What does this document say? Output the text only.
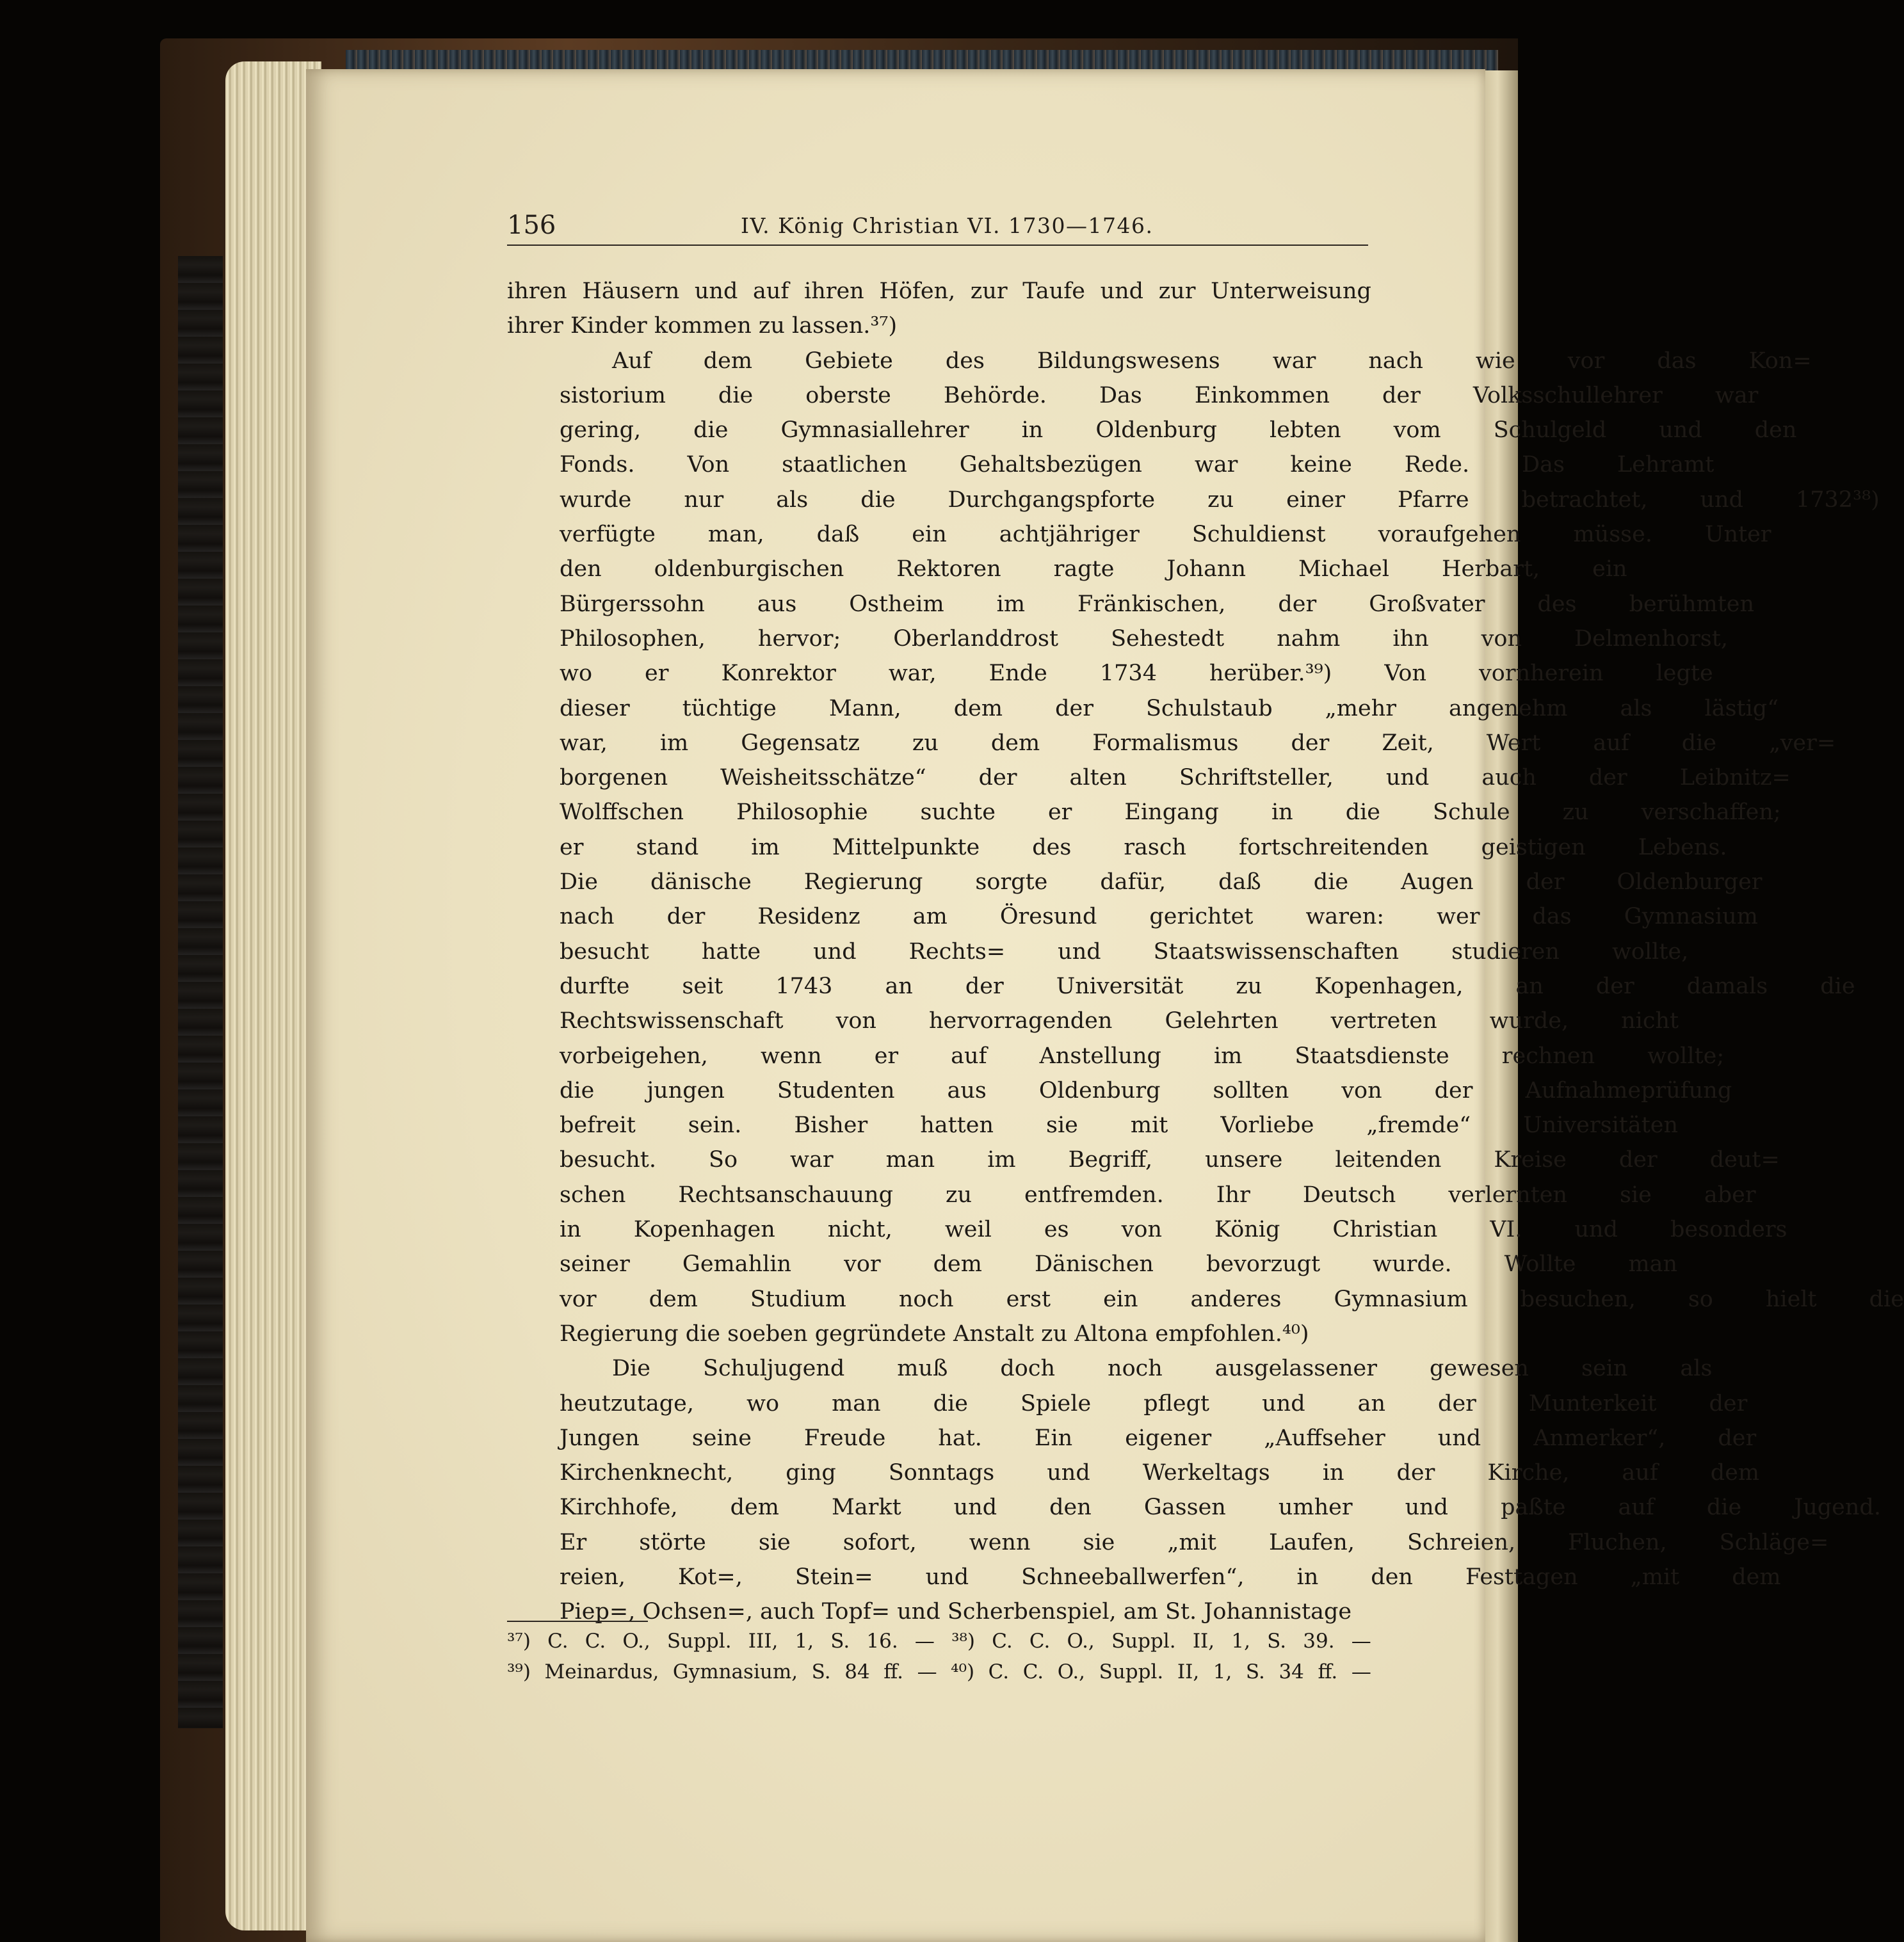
156	IV. König Christian VI. 1730—1746.
ihren Häusern und auf ihren Höfen, zur Taufe und zur Unterweisung
ihrer Kinder kommen zu lassen.³⁷)
Auf	dem	Gebiete	des	Bildungswesens	war	nach	wie	vor	das	Kon=
sistorium	die	oberste	Behörde.	Das	Einkommen	der	Volksschullehrer	war
gering,	die	Gymnasiallehrer	in	Oldenburg	lebten	vom	Schulgeld	und	den
Fonds.	Von	staatlichen	Gehaltsbezügen	war	keine	Rede.	Das	Lehramt
wurde	nur	als	die	Durchgangspforte	zu	einer	Pfarre	betrachtet,	und	1732³⁸)
verfügte	man,	daß	ein	achtjähriger	Schuldienst	voraufgehen	müsse.	Unter
den	oldenburgischen	Rektoren	ragte	Johann	Michael	Herbart,	ein
Bürgerssohn	aus	Ostheim	im	Fränkischen,	der	Großvater	des	berühmten
Philosophen,	hervor;	Oberlanddrost	Sehestedt	nahm	ihn	von	Delmenhorst,
wo	er	Konrektor	war,	Ende	1734	herüber.³⁹)	Von	vornherein	legte
dieser	tüchtige	Mann,	dem	der	Schulstaub	„mehr	angenehm	als	lästig“
war,	im	Gegensatz	zu	dem	Formalismus	der	Zeit,	Wert	auf	die	„ver=
borgenen	Weisheitsschätze“	der	alten	Schriftsteller,	und	auch	der	Leibnitz=
Wolffschen	Philosophie	suchte	er	Eingang	in	die	Schule	zu	verschaffen;
er	stand	im	Mittelpunkte	des	rasch	fortschreitenden	geistigen	Lebens.
Die	dänische	Regierung	sorgte	dafür,	daß	die	Augen	der	Oldenburger
nach	der	Residenz	am	Öresund	gerichtet	waren:	wer	das	Gymnasium
besucht	hatte	und	Rechts=	und	Staatswissenschaften	studieren	wollte,
durfte	seit	1743	an	der	Universität	zu	Kopenhagen,	an	der	damals	die
Rechtswissenschaft	von	hervorragenden	Gelehrten	vertreten	wurde,	nicht
vorbeigehen,	wenn	er	auf	Anstellung	im	Staatsdienste	rechnen	wollte;
die	jungen	Studenten	aus	Oldenburg	sollten	von	der	Aufnahmeprüfung
befreit	sein.	Bisher	hatten	sie	mit	Vorliebe	„fremde“	Universitäten
besucht.	So	war	man	im	Begriff,	unsere	leitenden	Kreise	der	deut=
schen	Rechtsanschauung	zu	entfremden.	Ihr	Deutsch	verlernten	sie	aber
in	Kopenhagen	nicht,	weil	es	von	König	Christian	VI.	und	besonders
seiner	Gemahlin	vor	dem	Dänischen	bevorzugt	wurde.	Wollte	man
vor	dem	Studium	noch	erst	ein	anderes	Gymnasium	besuchen,	so	hielt	die
Regierung die soeben gegründete Anstalt zu Altona empfohlen.⁴⁰)
Die	Schuljugend	muß	doch	noch	ausgelassener	gewesen	sein	als
heutzutage,	wo	man	die	Spiele	pflegt	und	an	der	Munterkeit	der
Jungen	seine	Freude	hat.	Ein	eigener	„Auffseher	und	Anmerker“,	der
Kirchenknecht,	ging	Sonntags	und	Werkeltags	in	der	Kirche,	auf	dem
Kirchhofe,	dem	Markt	und	den	Gassen	umher	und	paßte	auf	die	Jugend.
Er	störte	sie	sofort,	wenn	sie	„mit	Laufen,	Schreien,	Fluchen,	Schläge=
reien,	Kot=,	Stein=	und	Schneeballwerfen“,	in	den	Festtagen	„mit	dem
Piep=, Ochsen=, auch Topf= und Scherbenspiel, am St. Johannistage
³⁷) C. C. O., Suppl. III, 1, S. 16. — ³⁸) C. C. O., Suppl. II, 1, S. 39. —
³⁹) Meinardus, Gymnasium, S. 84 ff. — ⁴⁰) C. C. O., Suppl. II, 1, S. 34 ff. —
